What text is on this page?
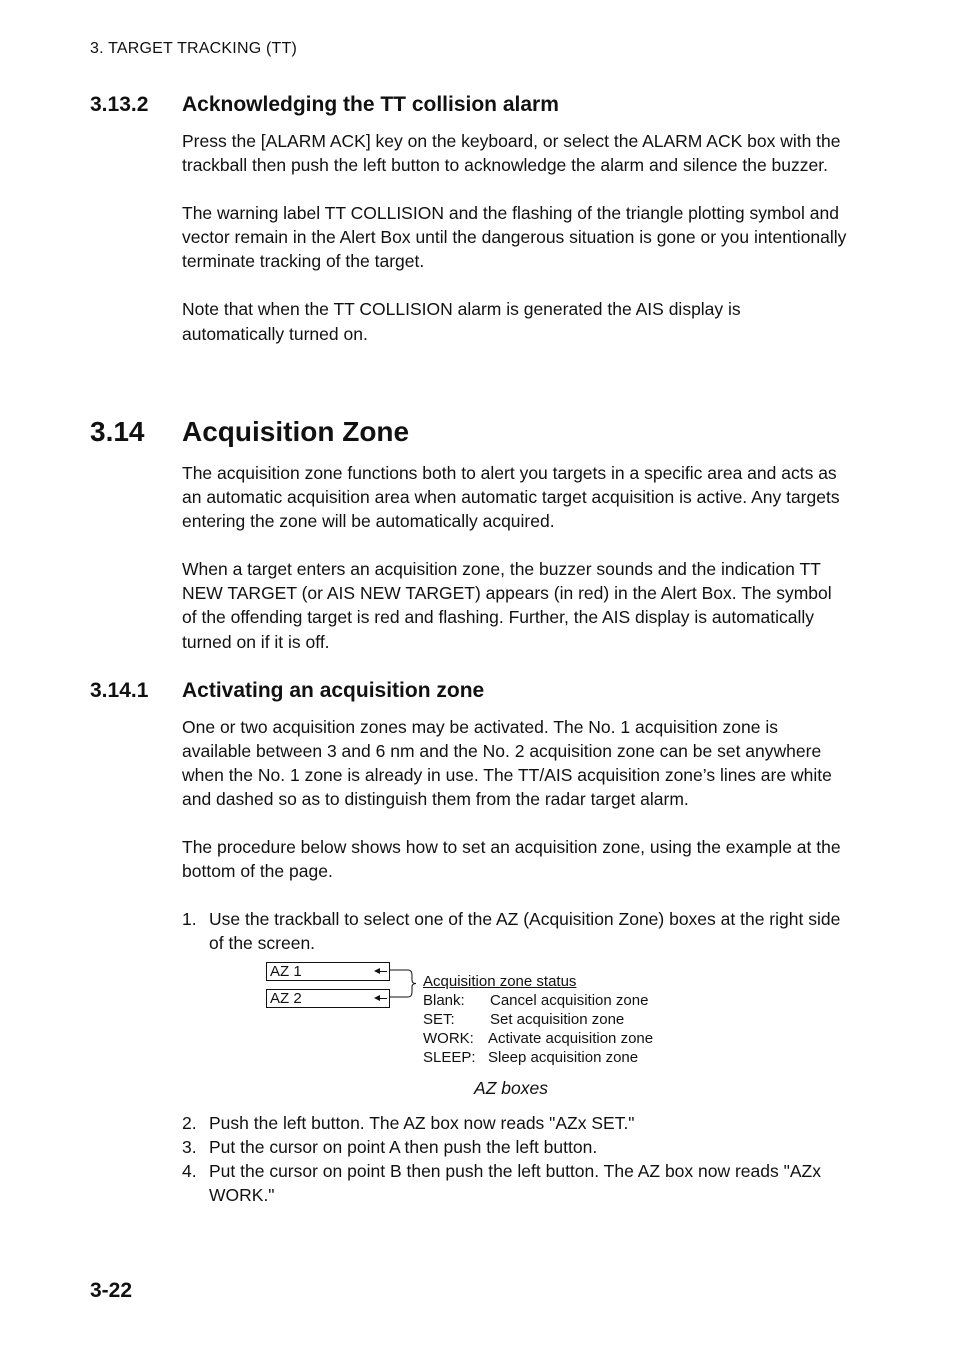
3. TARGET TRACKING (TT)
3.13.2 Acknowledging the TT collision alarm

Press the [ALARM ACK] key on the keyboard, or select the ALARM ACK box with the trackball then push the left button to acknowledge the alarm and silence the buzzer.

The warning label TT COLLISION and the flashing of the triangle plotting symbol and vector remain in the Alert Box until the dangerous situation is gone or you intentionally terminate tracking of the target.

Note that when the TT COLLISION alarm is generated the AIS display is automatically turned on.

3.14 Acquisition Zone

The acquisition zone functions both to alert you targets in a specific area and acts as an automatic acquisition area when automatic target acquisition is active. Any targets entering the zone will be automatically acquired.

When a target enters an acquisition zone, the buzzer sounds and the indication TT NEW TARGET (or AIS NEW TARGET) appears (in red) in the Alert Box. The symbol of the offending target is red and flashing. Further, the AIS display is automatically turned on if it is off.

3.14.1 Activating an acquisition zone

One or two acquisition zones may be activated. The No. 1 acquisition zone is available between 3 and 6 nm and the No. 2 acquisition zone can be set anywhere when the No. 1 zone is already in use. The TT/AIS acquisition zone’s lines are white and dashed so as to distinguish them from the radar target alarm.

The procedure below shows how to set an acquisition zone, using the example at the bottom of the page.

1. Use the trackball to select one of the AZ (Acquisition Zone) boxes at the right side of the screen.
AZ 1
AZ 2
Acquisition zone status
Blank: Cancel acquisition zone
SET: Set acquisition zone
WORK: Activate acquisition zone
SLEEP: Sleep acquisition zone
AZ boxes
2. Push the left button. The AZ box now reads "AZx SET."
3. Put the cursor on point A then push the left button.
4. Put the cursor on point B then push the left button. The AZ box now reads "AZx WORK."
3-22
